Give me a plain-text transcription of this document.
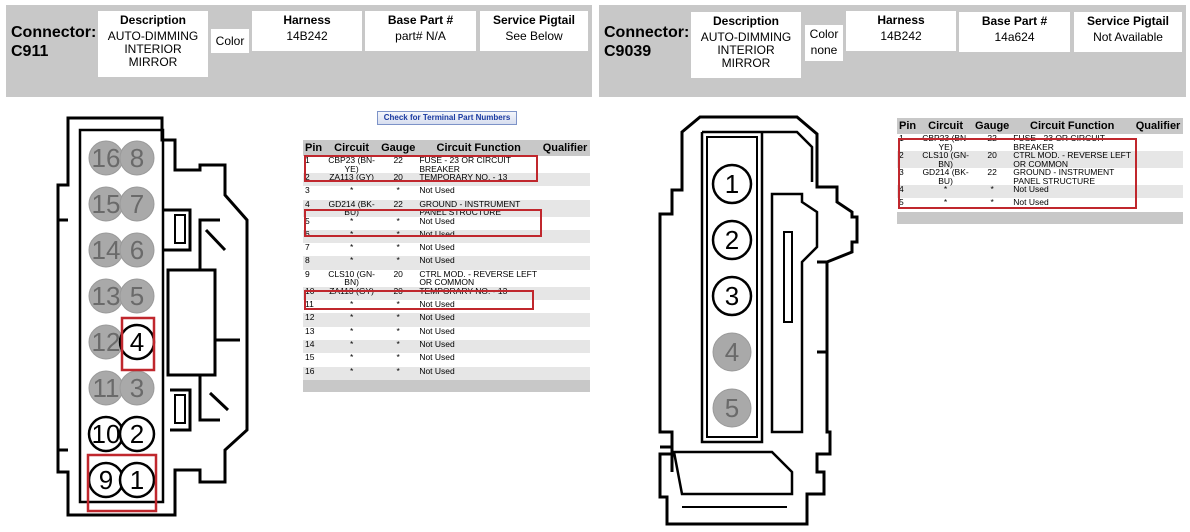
Connector:
C911
Description
AUTO-DIMMING INTERIOR MIRROR
Color
Harness
14B242
Base Part #
part# N/A
Service Pigtail
See Below
16 8
15 7
14 6
13 5
12 4
11 3
10 2
9 1
Check for Terminal Part Numbers
Pin	Circuit	Gauge	Circuit Function	Qualifier
1	CBP23 (BN-YE)	22	FUSE - 23 OR CIRCUIT BREAKER	
2	ZA113 (GY)	20	TEMPORARY NO. - 13	
3	*	*	Not Used	
4	GD214 (BK-BU)	22	GROUND - INSTRUMENT PANEL STRUCTURE	
5	*	*	Not Used	
6	*	*	Not Used	
7	*	*	Not Used	
8	*	*	Not Used	
9	CLS10 (GN-BN)	20	CTRL MOD. - REVERSE LEFT OR COMMON	
10	ZA113 (GY)	20	TEMPORARY NO. - 13	
11	*	*	Not Used	
12	*	*	Not Used	
13	*	*	Not Used	
14	*	*	Not Used	
15	*	*	Not Used	
16	*	*	Not Used	

Connector:
C9039
Description
AUTO-DIMMING INTERIOR MIRROR
Color
none
Harness
14B242
Base Part #
14a624
Service Pigtail
Not Available
1
2
3
4
5
Pin	Circuit	Gauge	Circuit Function	Qualifier
1	CBP23 (BN-YE)	22	FUSE - 23 OR CIRCUIT BREAKER	
2	CLS10 (GN-BN)	20	CTRL MOD. - REVERSE LEFT OR COMMON	
3	GD214 (BK-BU)	22	GROUND - INSTRUMENT PANEL STRUCTURE	
4	*	*	Not Used	
5	*	*	Not Used	
